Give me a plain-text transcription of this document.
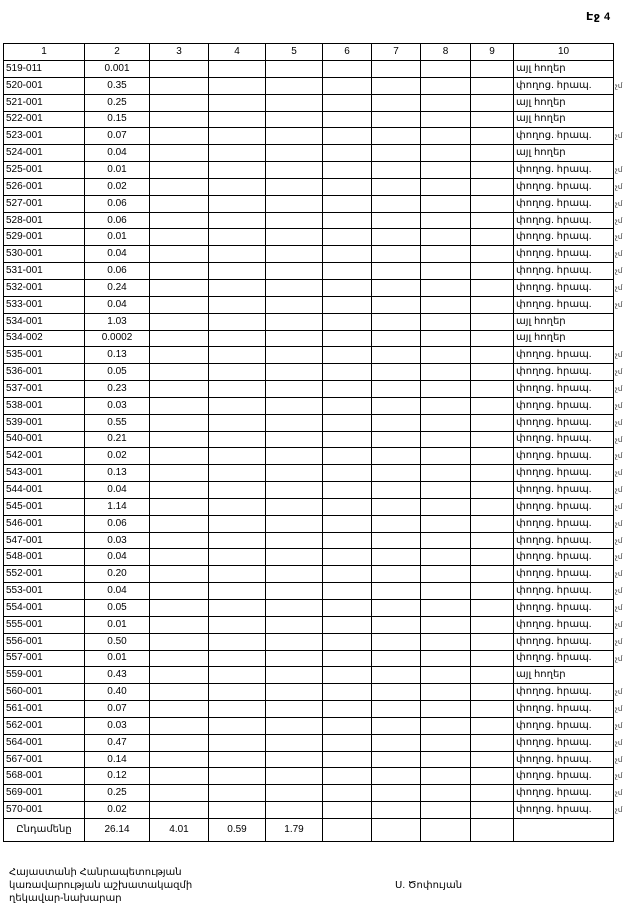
Էջ 4
1	2	3	4	5	6	7	8	9	10
519-011	0.001								այլ հողեր

520-001	0.35								փողոց. հրապ. չմ

521-001	0.25								այլ հողեր

522-001	0.15								այլ հողեր

523-001	0.07								փողոց. հրապ. չմ

524-001	0.04								այլ հողեր

525-001	0.01								փողոց. հրապ. չմ

526-001	0.02								փողոց. հրապ. չմ

527-001	0.06								փողոց. հրապ. չմ

528-001	0.06								փողոց. հրապ. չմ

529-001	0.01								փողոց. հրապ. չմ

530-001	0.04								փողոց. հրապ. չմ

531-001	0.06								փողոց. հրապ. չմ

532-001	0.24								փողոց. հրապ. չմ

533-001	0.04								փողոց. հրապ. չմ

534-001	1.03								այլ հողեր

534-002	0.0002								այլ հողեր

535-001	0.13								փողոց. հրապ. չմ

536-001	0.05								փողոց. հրապ. չմ

537-001	0.23								փողոց. հրապ. չմ

538-001	0.03								փողոց. հրապ. չմ

539-001	0.55								փողոց. հրապ. չմ

540-001	0.21								փողոց. հրապ. չմ

542-001	0.02								փողոց. հրապ. չմ

543-001	0.13								փողոց. հրապ. չմ

544-001	0.04								փողոց. հրապ. չմ

545-001	1.14								փողոց. հրապ. չմ

546-001	0.06								փողոց. հրապ. չմ

547-001	0.03								փողոց. հրապ. չմ

548-001	0.04								փողոց. հրապ. չմ

552-001	0.20								փողոց. հրապ. չմ

553-001	0.04								փողոց. հրապ. չմ

554-001	0.05								փողոց. հրապ. չմ

555-001	0.01								փողոց. հրապ. չմ

556-001	0.50								փողոց. հրապ. չմ

557-001	0.01								փողոց. հրապ. չմ

559-001	0.43								այլ հողեր

560-001	0.40								փողոց. հրապ. չմ

561-001	0.07								փողոց. հրապ. չմ

562-001	0.03								փողոց. հրապ. չմ

564-001	0.47								փողոց. հրապ. չմ

567-001	0.14								փողոց. հրապ. չմ

568-001	0.12								փողոց. հրապ. չմ

569-001	0.25								փողոց. հրապ. չմ

570-001	0.02								փողոց. հրապ. չմ

Ընդամենը	26.14	4.01	0.59	1.79					
Հայաստանի Հանրապետության
կառավարության աշխատակազմի
ղեկավար-նախարար
Ս. Ծոփույան
